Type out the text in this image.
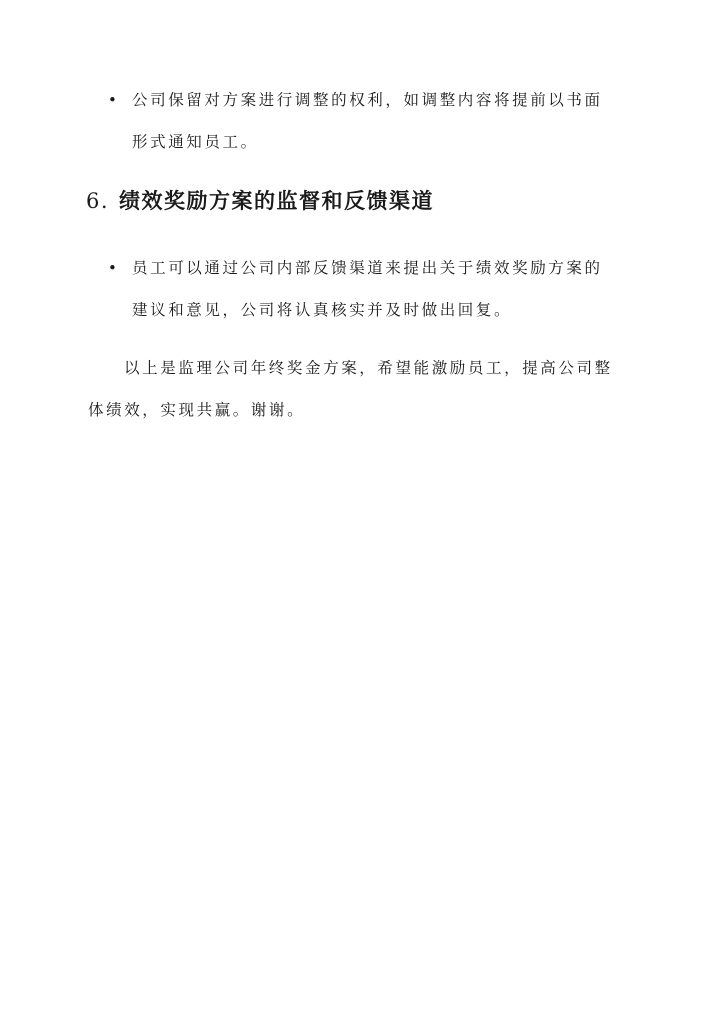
• 公司保留对方案进行调整的权利，如调整内容将提前以书面
形式通知员工。
6. 绩效奖励方案的监督和反馈渠道
• 员工可以通过公司内部反馈渠道来提出关于绩效奖励方案的
建议和意见，公司将认真核实并及时做出回复。
以上是监理公司年终奖金方案，希望能激励员工，提高公司整
体绩效，实现共赢。谢谢。
